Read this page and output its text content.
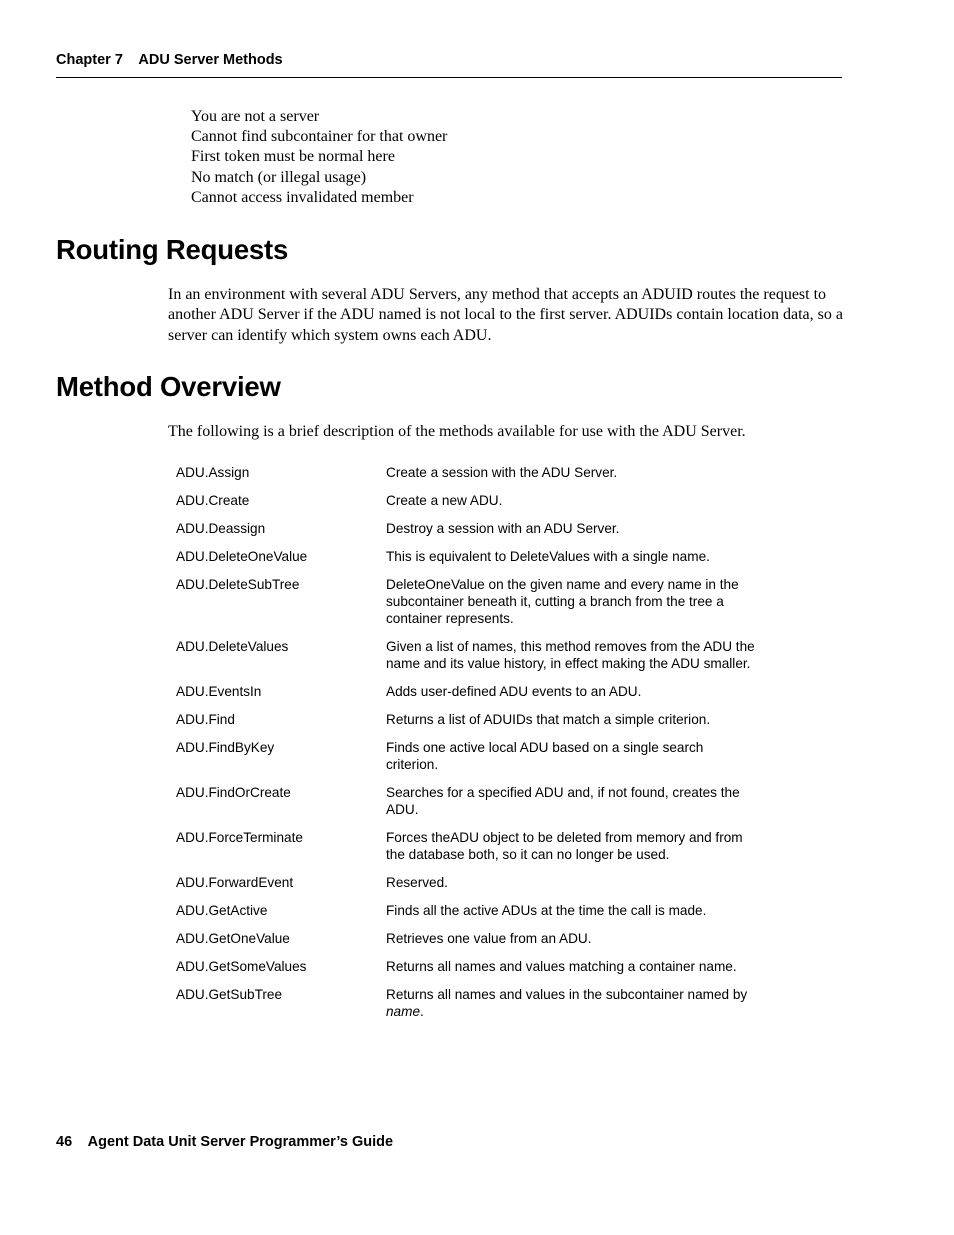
Chapter 7 ADU Server Methods
You are not a server
Cannot find subcontainer for that owner
First token must be normal here
No match (or illegal usage)
Cannot access invalidated member
Routing Requests
In an environment with several ADU Servers, any method that accepts an ADUID routes the request to another ADU Server if the ADU named is not local to the first server. ADUIDs contain location data, so a server can identify which system owns each ADU.
Method Overview
The following is a brief description of the methods available for use with the ADU Server.
ADU.Assign	Create a session with the ADU Server.
ADU.Create	Create a new ADU.
ADU.Deassign	Destroy a session with an ADU Server.
ADU.DeleteOneValue	This is equivalent to DeleteValues with a single name.
ADU.DeleteSubTree	DeleteOneValue on the given name and every name in the subcontainer beneath it, cutting a branch from the tree a container represents.
ADU.DeleteValues	Given a list of names, this method removes from the ADU the name and its value history, in effect making the ADU smaller.
ADU.EventsIn	Adds user-defined ADU events to an ADU.
ADU.Find	Returns a list of ADUIDs that match a simple criterion.
ADU.FindByKey	Finds one active local ADU based on a single search criterion.
ADU.FindOrCreate	Searches for a specified ADU and, if not found, creates the ADU.
ADU.ForceTerminate	Forces theADU object to be deleted from memory and from the database both, so it can no longer be used.
ADU.ForwardEvent	Reserved.
ADU.GetActive	Finds all the active ADUs at the time the call is made.
ADU.GetOneValue	Retrieves one value from an ADU.
ADU.GetSomeValues	Returns all names and values matching a container name.
ADU.GetSubTree	Returns all names and values in the subcontainer named by name.
46 Agent Data Unit Server Programmer’s Guide
